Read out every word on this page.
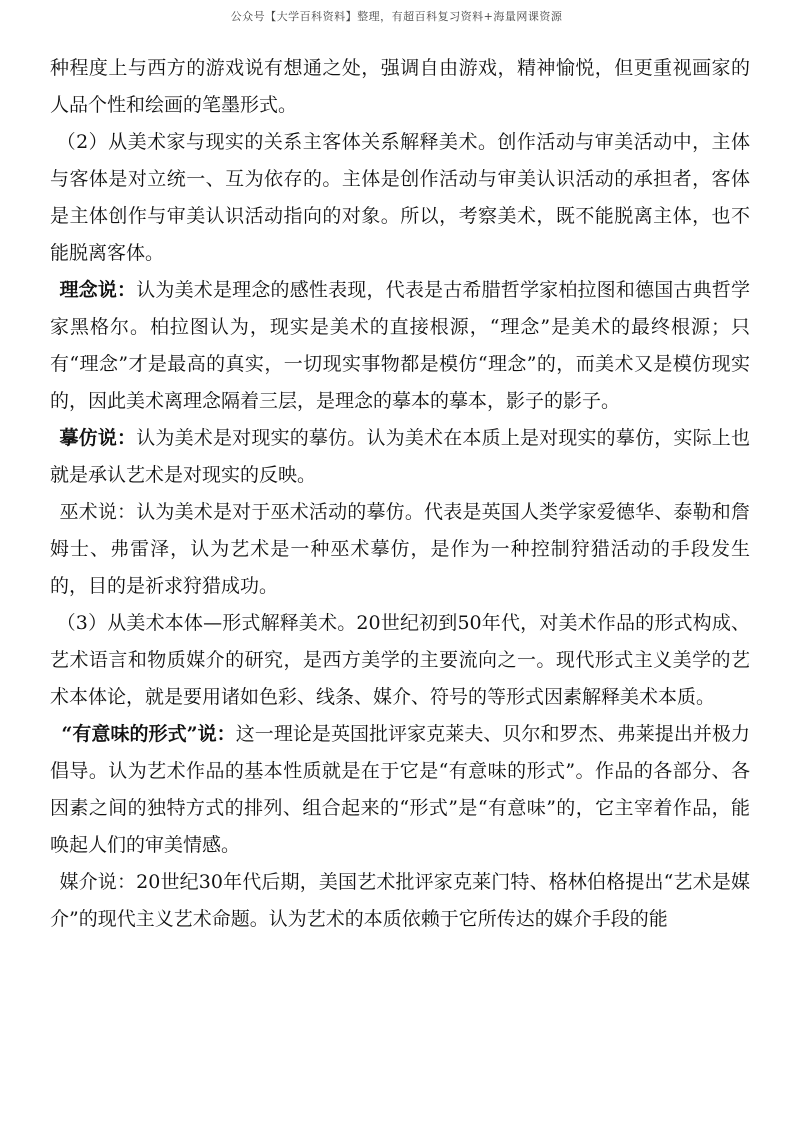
公众号【大学百科资料】整理，有超百科复习资料+海量网课资源

种程度上与西方的游戏说有想通之处，强调自由游戏，精神愉悦，但更重视画家的人品个性和绘画的笔墨形式。

（2）从美术家与现实的关系主客体关系解释美术。创作活动与审美活动中，主体与客体是对立统一、互为依存的。主体是创作活动与审美认识活动的承担者，客体是主体创作与审美认识活动指向的对象。所以，考察美术，既不能脱离主体，也不能脱离客体。

理念说：认为美术是理念的感性表现，代表是古希腊哲学家柏拉图和德国古典哲学家黑格尔。柏拉图认为，现实是美术的直接根源，“理念”是美术的最终根源；只有“理念”才是最高的真实，一切现实事物都是模仿“理念”的，而美术又是模仿现实的，因此美术离理念隔着三层，是理念的摹本的摹本，影子的影子。

摹仿说：认为美术是对现实的摹仿。认为美术在本质上是对现实的摹仿，实际上也就是承认艺术是对现实的反映。

巫术说：认为美术是对于巫术活动的摹仿。代表是英国人类学家爱德华、泰勒和詹姆士、弗雷泽，认为艺术是一种巫术摹仿，是作为一种控制狩猎活动的手段发生的，目的是祈求狩猎成功。

（3）从美术本体—形式解释美术。20世纪初到50年代，对美术作品的形式构成、艺术语言和物质媒介的研究，是西方美学的主要流向之一。现代形式主义美学的艺术本体论，就是要用诸如色彩、线条、媒介、符号的等形式因素解释美术本质。

“有意味的形式”说：这一理论是英国批评家克莱夫、贝尔和罗杰、弗莱提出并极力倡导。认为艺术作品的基本性质就是在于它是“有意味的形式”。作品的各部分、各因素之间的独特方式的排列、组合起来的“形式”是“有意味”的，它主宰着作品，能唤起人们的审美情感。

媒介说：20世纪30年代后期，美国艺术批评家克莱门特、格林伯格提出“艺术是媒介”的现代主义艺术命题。认为艺术的本质依赖于它所传达的媒介手段的能
